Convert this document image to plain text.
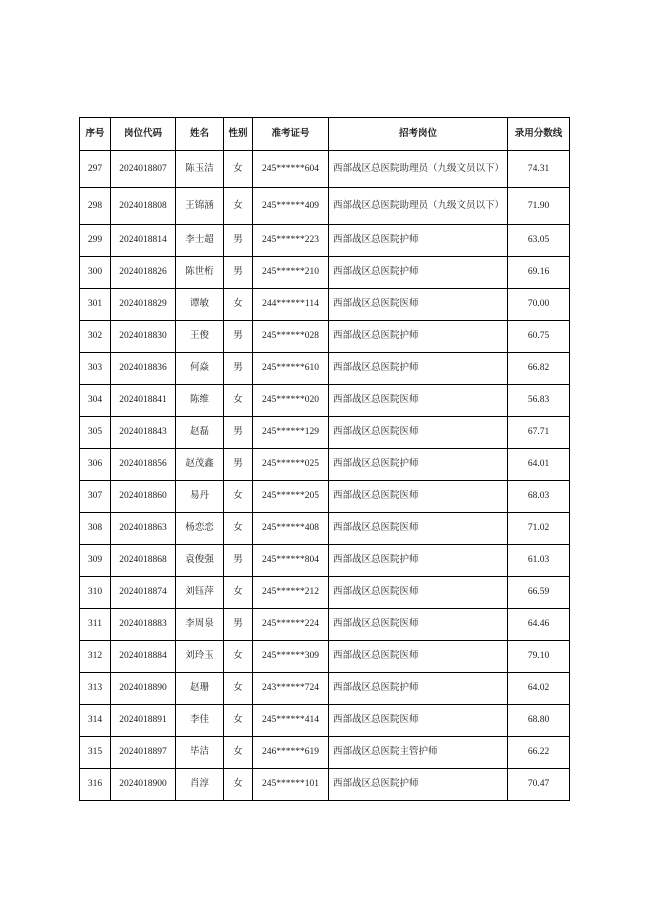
序号	岗位代码	姓名	性别	准考证号	招考岗位	录用分数线
297	2024018807	陈玉洁	女	245******604	西部战区总医院助理员（九级文员以下）	74.31
298	2024018808	王锦涵	女	245******409	西部战区总医院助理员（九级文员以下）	71.90
299	2024018814	李士超	男	245******223	西部战区总医院护师	63.05
300	2024018826	陈世桁	男	245******210	西部战区总医院护师	69.16
301	2024018829	谭敏	女	244******114	西部战区总医院医师	70.00
302	2024018830	王俊	男	245******028	西部战区总医院护师	60.75
303	2024018836	何焱	男	245******610	西部战区总医院护师	66.82
304	2024018841	陈维	女	245******020	西部战区总医院医师	56.83
305	2024018843	赵磊	男	245******129	西部战区总医院医师	67.71
306	2024018856	赵茂鑫	男	245******025	西部战区总医院护师	64.01
307	2024018860	易丹	女	245******205	西部战区总医院医师	68.03
308	2024018863	杨恋恋	女	245******408	西部战区总医院医师	71.02
309	2024018868	袁俊强	男	245******804	西部战区总医院护师	61.03
310	2024018874	刘钰萍	女	245******212	西部战区总医院医师	66.59
311	2024018883	李周泉	男	245******224	西部战区总医院医师	64.46
312	2024018884	刘玲玉	女	245******309	西部战区总医院医师	79.10
313	2024018890	赵珊	女	243******724	西部战区总医院护师	64.02
314	2024018891	李佳	女	245******414	西部战区总医院医师	68.80
315	2024018897	毕洁	女	246******619	西部战区总医院主管护师	66.22
316	2024018900	肖淳	女	245******101	西部战区总医院护师	70.47
